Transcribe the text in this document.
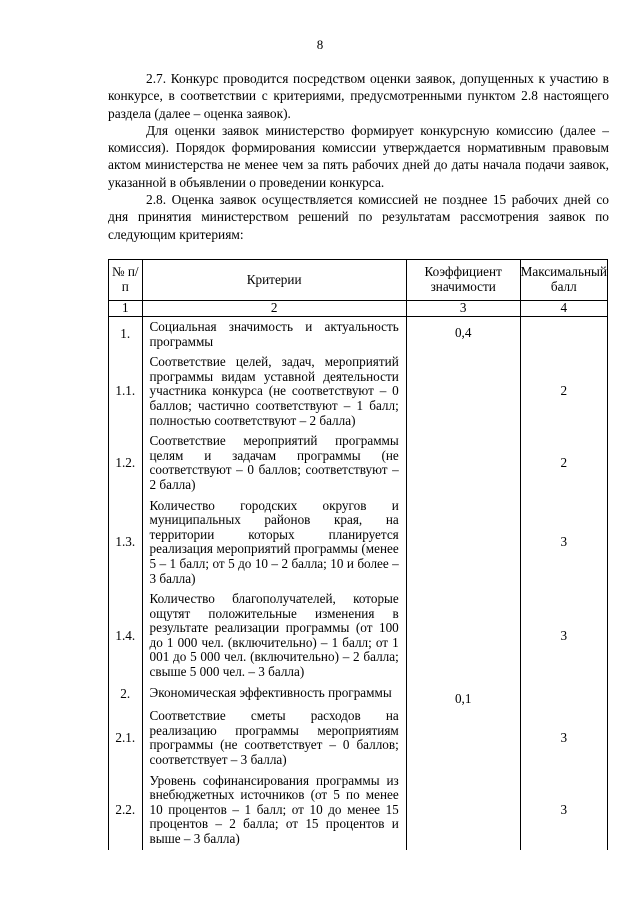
8

2.7. Конкурс проводится посредством оценки заявок, допущенных к участию в конкурсе, в соответствии с критериями, предусмотренными пунктом 2.8 настоящего раздела (далее – оценка заявок).

Для оценки заявок министерство формирует конкурсную комиссию (далее – комиссия). Порядок формирования комиссии утверждается нормативным правовым актом министерства не менее чем за пять рабочих дней до даты начала подачи заявок, указанной в объявлении о проведении конкурса.

2.8. Оценка заявок осуществляется комиссией не позднее 15 рабочих дней со дня принятия министерством решений по результатам рассмотрения заявок по следующим критериям:

№ п/п	Критерии	Коэффициент значимости	Максимальный балл
1	2	3	4
1.	Социальная значимость и актуальность программы	0,4	

1.1.	Соответствие целей, задач, мероприятий программы видам уставной деятельности участника конкурса (не соответствуют – 0 баллов; частично соответствуют – 1 балл; полностью соответствуют – 2 балла)		2
1.2.	Соответствие мероприятий программы целям и задачам программы (не соответствуют – 0 баллов; соответствуют – 2 балла)		2
1.3.	Количество городских округов и муниципальных районов края, на территории которых планируется реализация мероприятий программы (менее 5 – 1 балл; от 5 до 10 – 2 балла; 10 и более – 3 балла)		3
1.4.	Количество благополучателей, которые ощутят положительные изменения в результате реализации программы (от 100 до 1 000 чел. (включительно) – 1 балл; от 1 001 до 5 000 чел. (включительно) – 2 балла; свыше 5 000 чел. – 3 балла)		3
2.	Экономическая эффективность программы	0,1	

2.1.	Соответствие сметы расходов на реализацию программы мероприятиям программы (не соответствует – 0 баллов; соответствует – 3 балла)		3
2.2.	Уровень софинансирования программы из внебюджетных источников (от 5 по менее 10 процентов – 1 балл; от 10 до менее 15 процентов – 2 балла; от 15 процентов и выше – 3 балла)		3
